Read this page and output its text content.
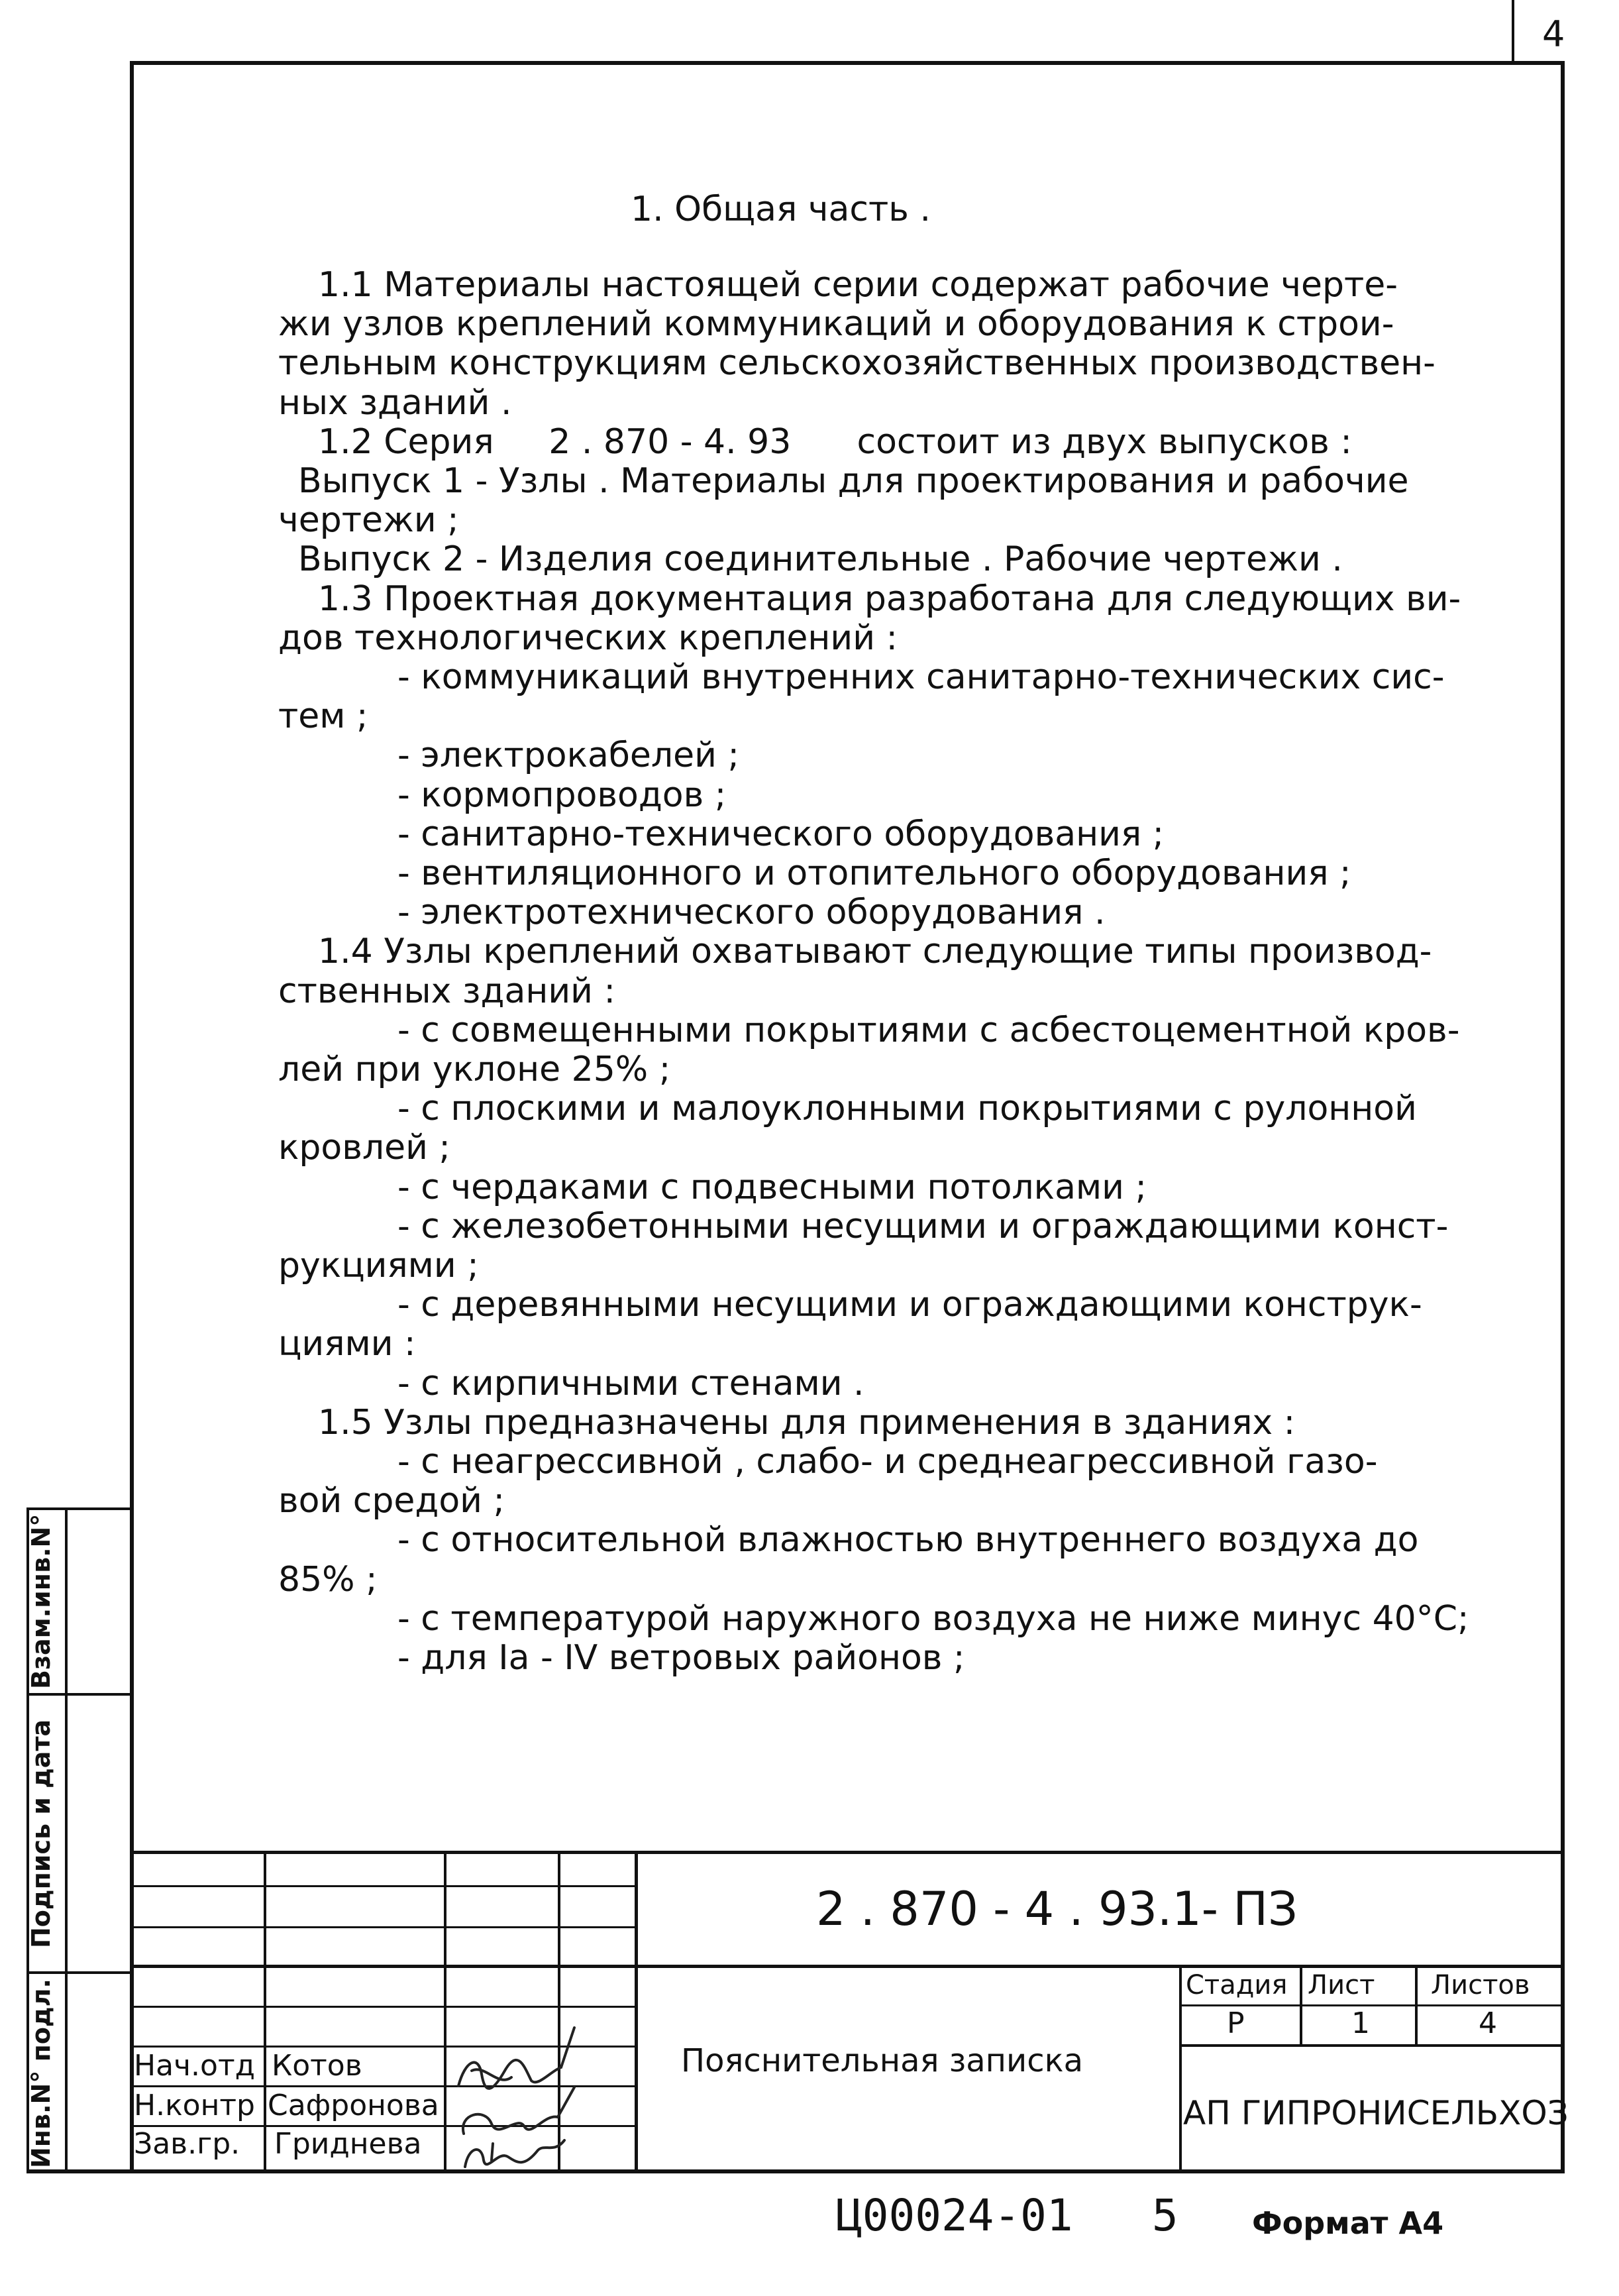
4
1. Общая часть .
1.1 Материалы настоящей серии содержат рабочие черте-
жи узлов креплений коммуникаций и оборудования к строи-
тельным конструкциям сельскохозяйственных производствен-
ных зданий .
1.2 Серия     2 . 870 - 4. 93      состоит из двух выпусков :
Выпуск 1 - Узлы . Материалы для проектирования и рабочие
чертежи ;
Выпуск 2 - Изделия соединительные . Рабочие чертежи .
1.3 Проектная документация разработана для следующих ви-
дов технологических креплений :
- коммуникаций внутренних санитарно-технических сис-
тем ;
- электрокабелей ;
- кормопроводов ;
- санитарно-технического оборудования ;
- вентиляционного и отопительного оборудования ;
- электротехнического оборудования .
1.4 Узлы креплений охватывают следующие типы производ-
ственных зданий :
- с совмещенными покрытиями с асбестоцементной кров-
лей при уклоне 25% ;
- с плоскими и малоуклонными покрытиями с рулонной
кровлей ;
- с чердаками с подвесными потолками ;
- с железобетонными несущими и ограждающими конст-
рукциями ;
- с деревянными несущими и ограждающими конструк-
циями :
- с кирпичными стенами .
1.5 Узлы предназначены для применения в зданиях :
- с неагрессивной , слабо- и среднеагрессивной газо-
вой средой ;
- с относительной влажностью внутреннего воздуха до
85% ;
- с температурой наружного воздуха не ниже минус 40°С;
- для Ia - IV ветровых районов ;
Взам.инв.N°
Подпись и дата
Инв.N° подл.
2 . 870 - 4 . 93.1- ПЗ
Пояснительная записка
АП ГИПРОНИСЕЛЬХОЗ
Стадия Лист Листов
Р	1	4
Нач.отд Котов
Н.контр Сафронова
Зав.гр. Гриднева
Ц00024-01   5 Формат А4
